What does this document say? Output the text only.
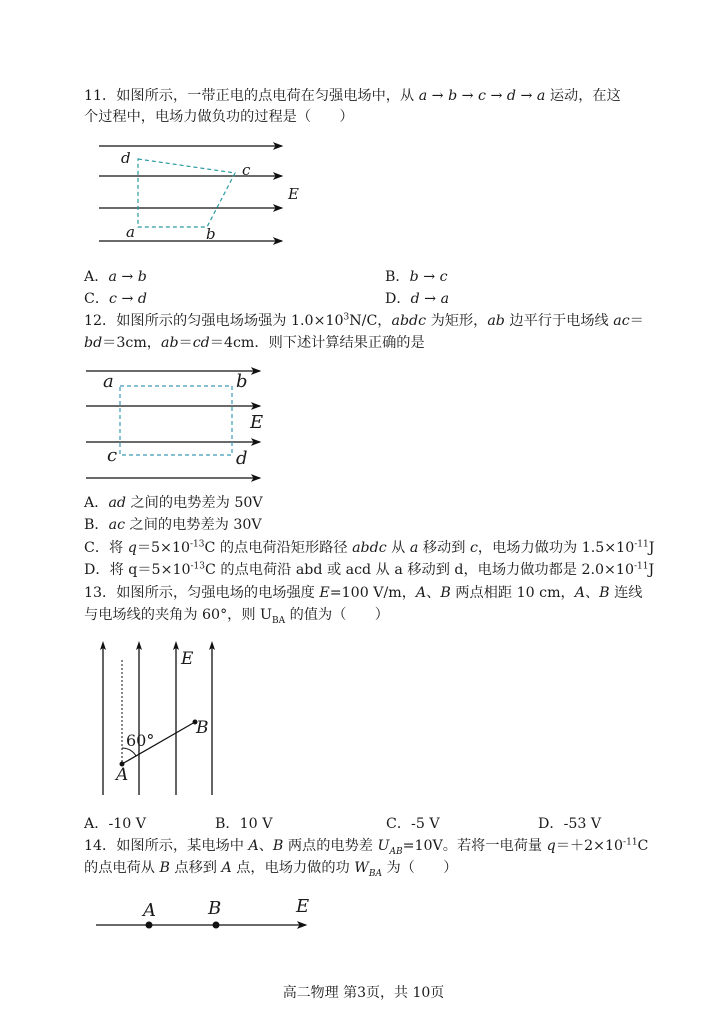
11．如图所示，一带正电的点电荷在匀强电场中，从 a → b → c → d → a 运动，在这
个过程中，电场力做负功的过程是（　　）
d
c
E
a	b
A．a → b	B．b → c
C．c → d	D．d → a
12．如图所示的匀强电场场强为 $1.0\times 10^3N/C$，abdc 为矩形，ab 边平行于电场线 ac＝
bd＝3cm，ab＝cd＝4cm．则下述计算结果正确的是
a	b
E
c	d
A．ad 之间的电势差为 50V
B．ac 之间的电势差为 30V
C．将 $q=5\times 10^{-13}C$ 的点电荷沿矩形路径 abdc 从 a 移动到 c，电场力做功为 $1.5\times 10^{-11}J$
D．将 $q=5\times 10^{-13}C$ 的点电荷沿 abd 或 acd 从 a 移动到 d，电场力做功都是 $2.0\times 10^{-11}J$
13．如图所示，匀强电场的电场强度 E=100 V/m，A、B 两点相距 10 cm，A、B 连线
与电场线的夹角为 60°，则 $U_{BA}$ 的值为（　　）
E
B
60°
A
A．-10 V	B．10 V	C．-5 V	D．-53 V
14．如图所示，某电场中 A、B 两点的电势差 $U_{AB}=10V$。若将一电荷量 $q=+2\times 10^{-11}C$
的点电荷从 B 点移到 A 点，电场力做的功 $W_{BA}$ 为（　　）
A	B	E
高二物理 第3页，共 10页
